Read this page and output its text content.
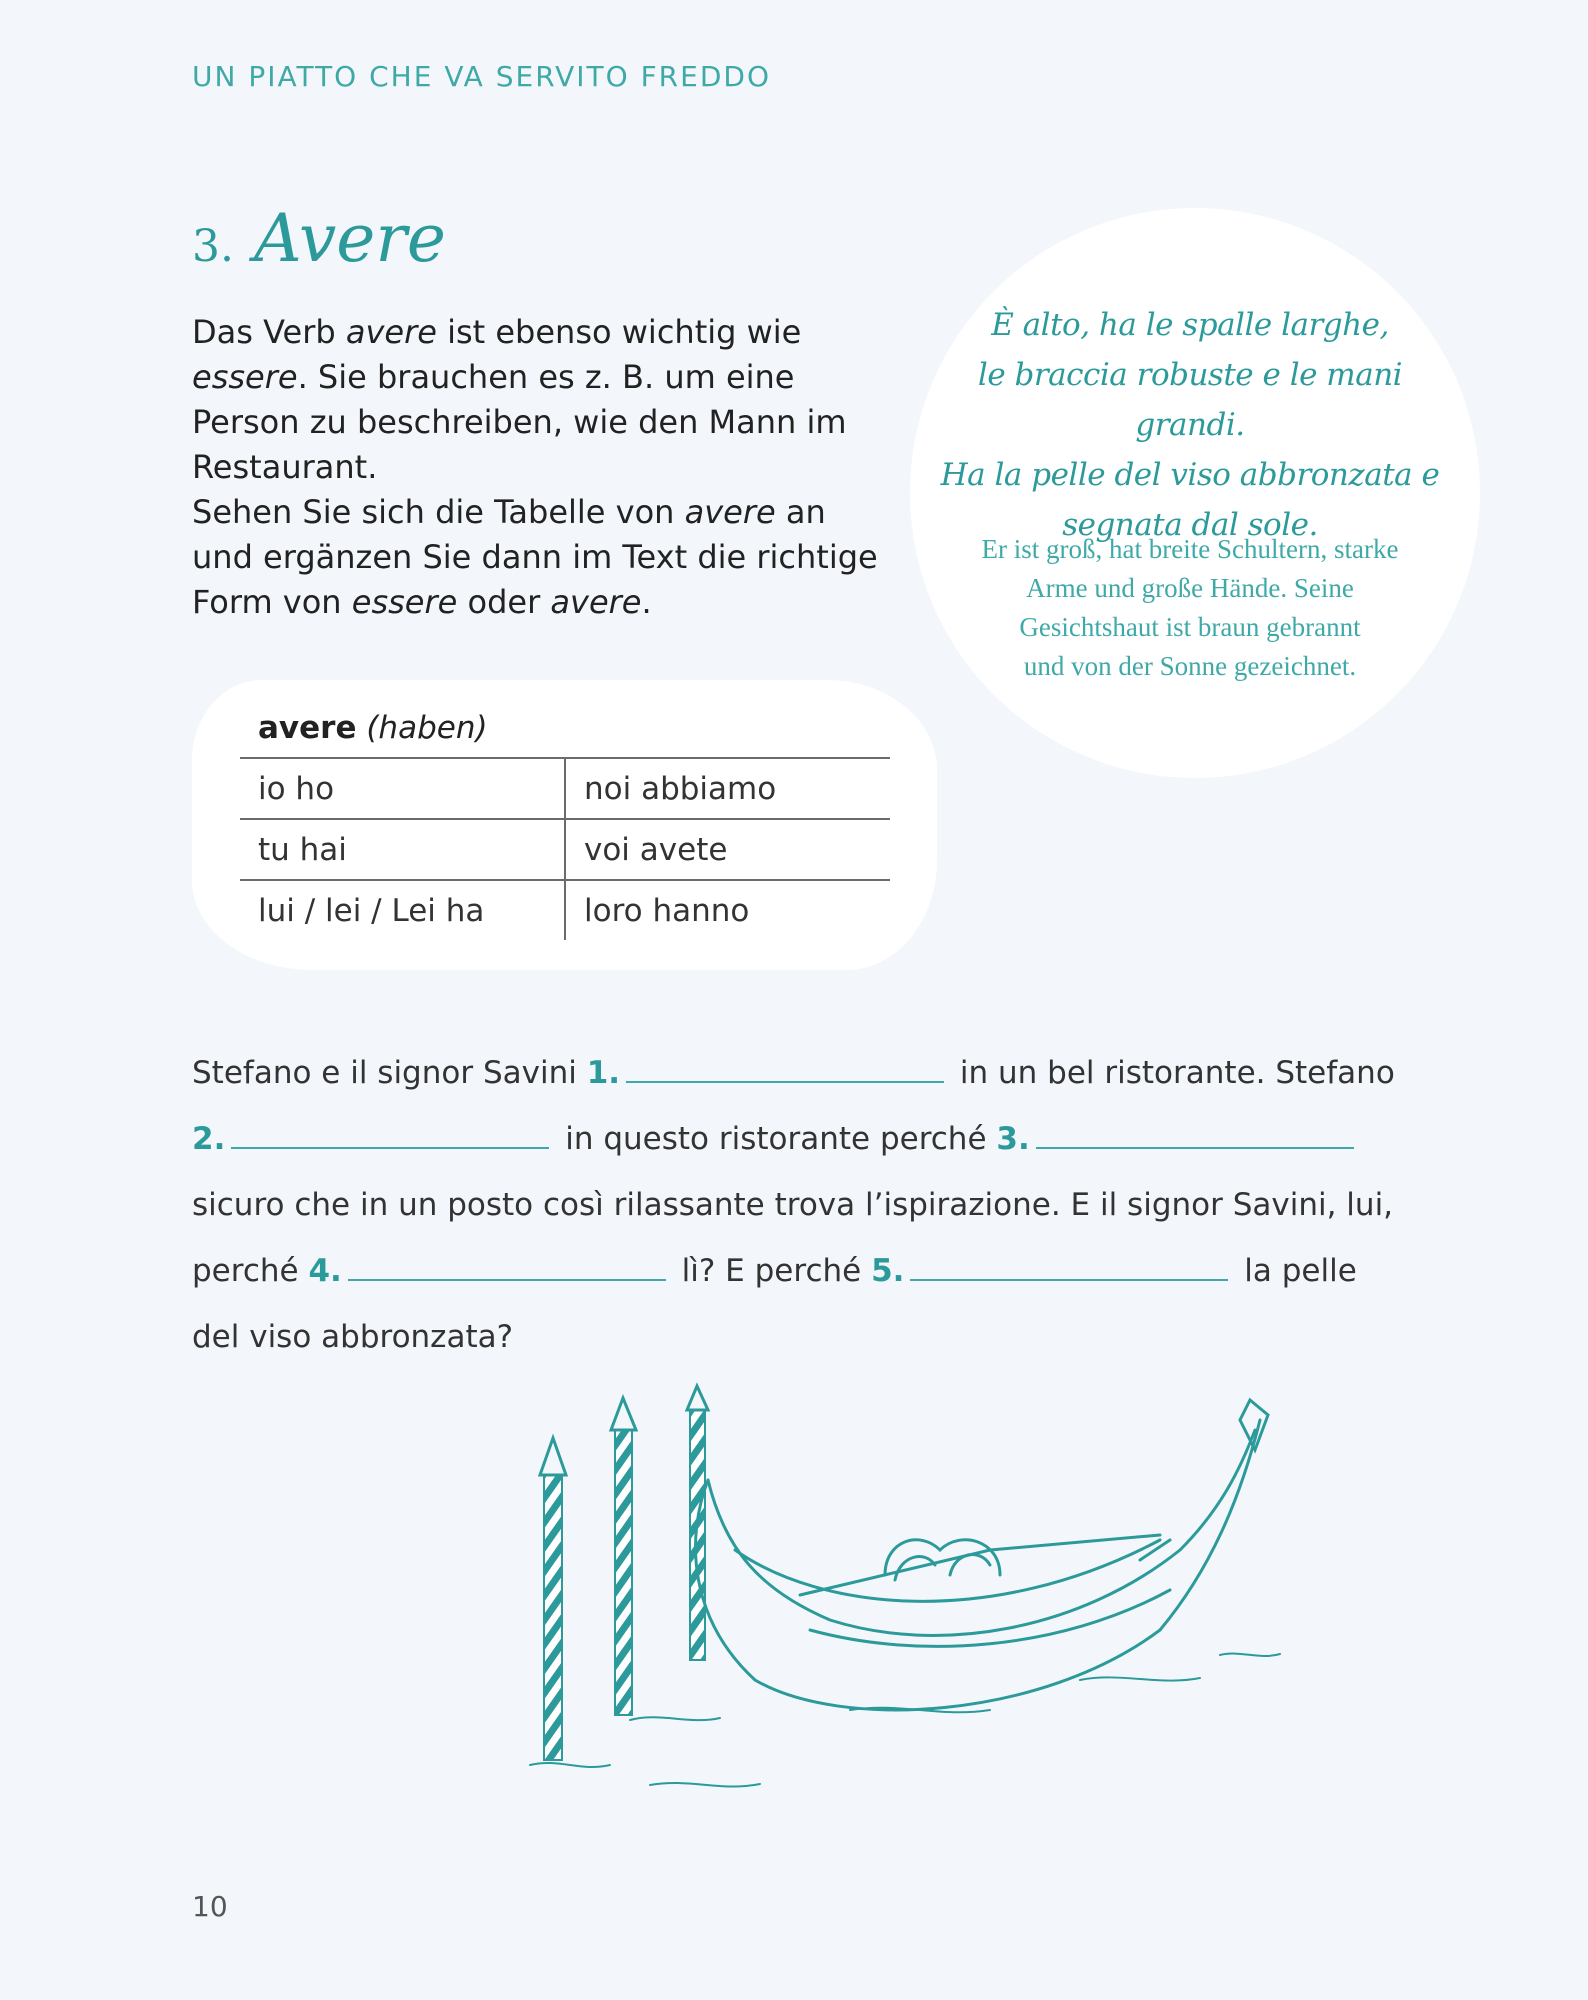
UN PIATTO CHE VA SERVITO FREDDO
3. Avere
Das Verb avere ist ebenso wichtig wie essere. Sie brauchen es z. B. um eine Person zu beschreiben, wie den Mann im Restaurant.
Sehen Sie sich die Tabelle von avere an und ergänzen Sie dann im Text die richtige Form von essere oder avere.
È alto, ha le spalle larghe,
le braccia robuste e le mani grandi.
Ha la pelle del viso abbronzata e
segnata dal sole.
Er ist groß, hat breite Schultern, starke
Arme und große Hände. Seine
Gesichtshaut ist braun gebrannt
und von der Sonne gezeichnet.
avere (haben)
io ho	noi abbiamo
tu hai	voi avete
lui / lei / Lei ha	loro hanno
Stefano e il signor Savini 1.	in un bel ristorante. Stefano
2.	in questo ristorante perché 3.
sicuro che in un posto così rilassante trova l’ispirazione. E il signor Savini, lui,
perché 4.	lì? E perché 5.	la pelle
del viso abbronzata?
10
